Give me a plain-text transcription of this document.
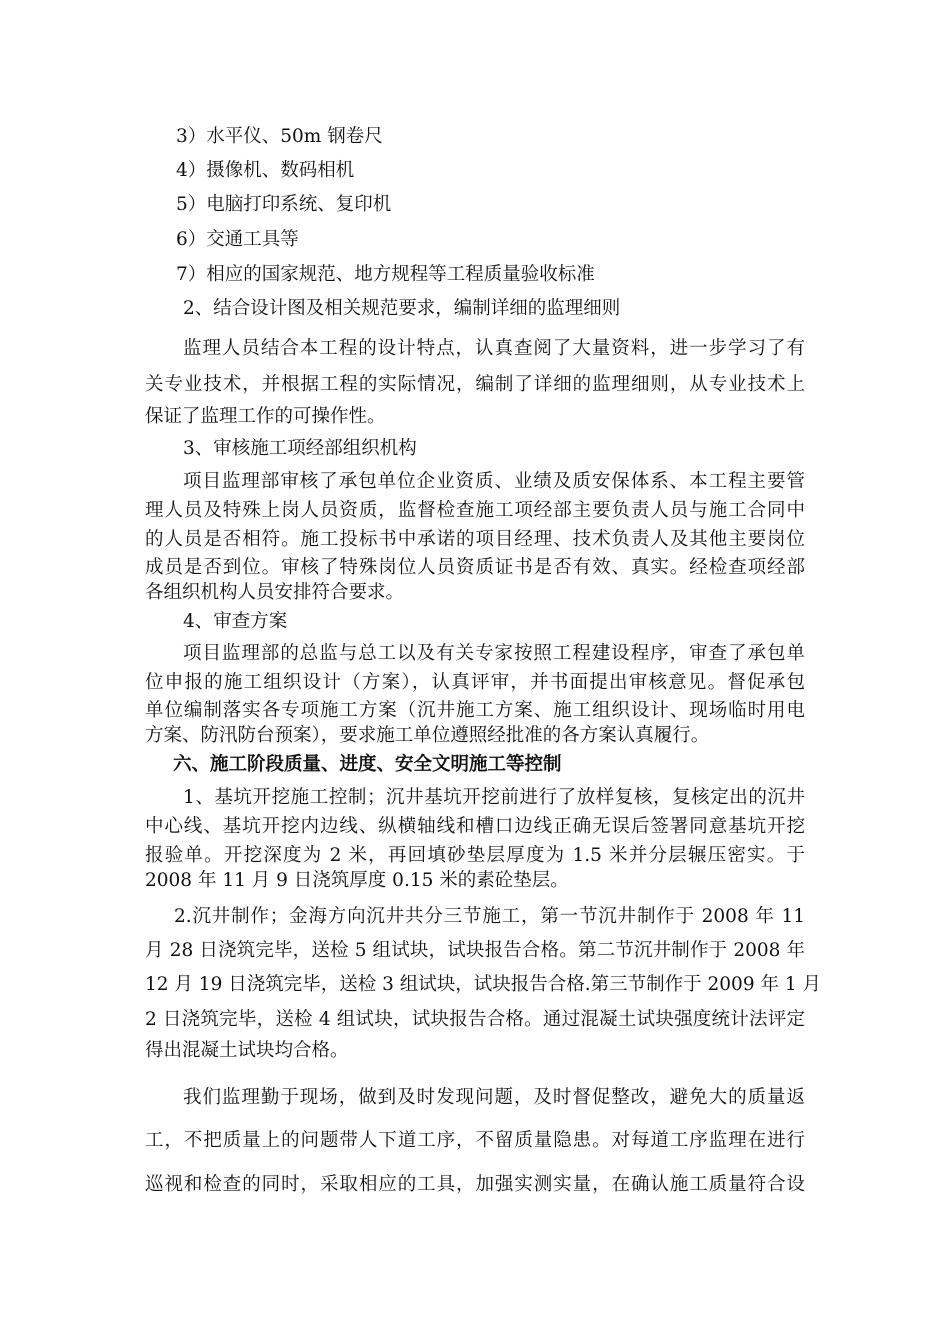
3）水平仪、50m 钢卷尺
4）摄像机、数码相机
5）电脑打印系统、复印机
6）交通工具等
7）相应的国家规范、地方规程等工程质量验收标准
2、结合设计图及相关规范要求，编制详细的监理细则
监理人员结合本工程的设计特点，认真查阅了大量资料，进一步学习了有
关专业技术，并根据工程的实际情况，编制了详细的监理细则，从专业技术上
保证了监理工作的可操作性。
3、审核施工项经部组织机构
项目监理部审核了承包单位企业资质、业绩及质安保体系、本工程主要管
理人员及特殊上岗人员资质，监督检查施工项经部主要负责人员与施工合同中
的人员是否相符。施工投标书中承诺的项目经理、技术负责人及其他主要岗位
成员是否到位。审核了特殊岗位人员资质证书是否有效、真实。经检查项经部
各组织机构人员安排符合要求。
4、审查方案
项目监理部的总监与总工以及有关专家按照工程建设程序，审查了承包单
位申报的施工组织设计（方案），认真评审，并书面提出审核意见。督促承包
单位编制落实各专项施工方案（沉井施工方案、施工组织设计、现场临时用电
方案、防汛防台预案），要求施工单位遵照经批准的各方案认真履行。
六、施工阶段质量、进度、安全文明施工等控制
1、基坑开挖施工控制；沉井基坑开挖前进行了放样复核，复核定出的沉井
中心线、基坑开挖内边线、纵横轴线和槽口边线正确无误后签署同意基坑开挖
报验单。开挖深度为 2 米，再回填砂垫层厚度为 1.5 米并分层辗压密实。于
2008 年 11 月 9 日浇筑厚度 0.15 米的素砼垫层。
2.沉井制作；金海方向沉井共分三节施工，第一节沉井制作于 2008 年 11
月 28 日浇筑完毕，送检 5 组试块，试块报告合格。第二节沉井制作于 2008 年
12 月 19 日浇筑完毕，送检 3 组试块，试块报告合格.第三节制作于 2009 年 1 月
2 日浇筑完毕，送检 4 组试块，试块报告合格。通过混凝土试块强度统计法评定
得出混凝土试块均合格。
我们监理勤于现场，做到及时发现问题，及时督促整改，避免大的质量返
工，不把质量上的问题带人下道工序，不留质量隐患。对每道工序监理在进行
巡视和检查的同时，采取相应的工具，加强实测实量，在确认施工质量符合设
